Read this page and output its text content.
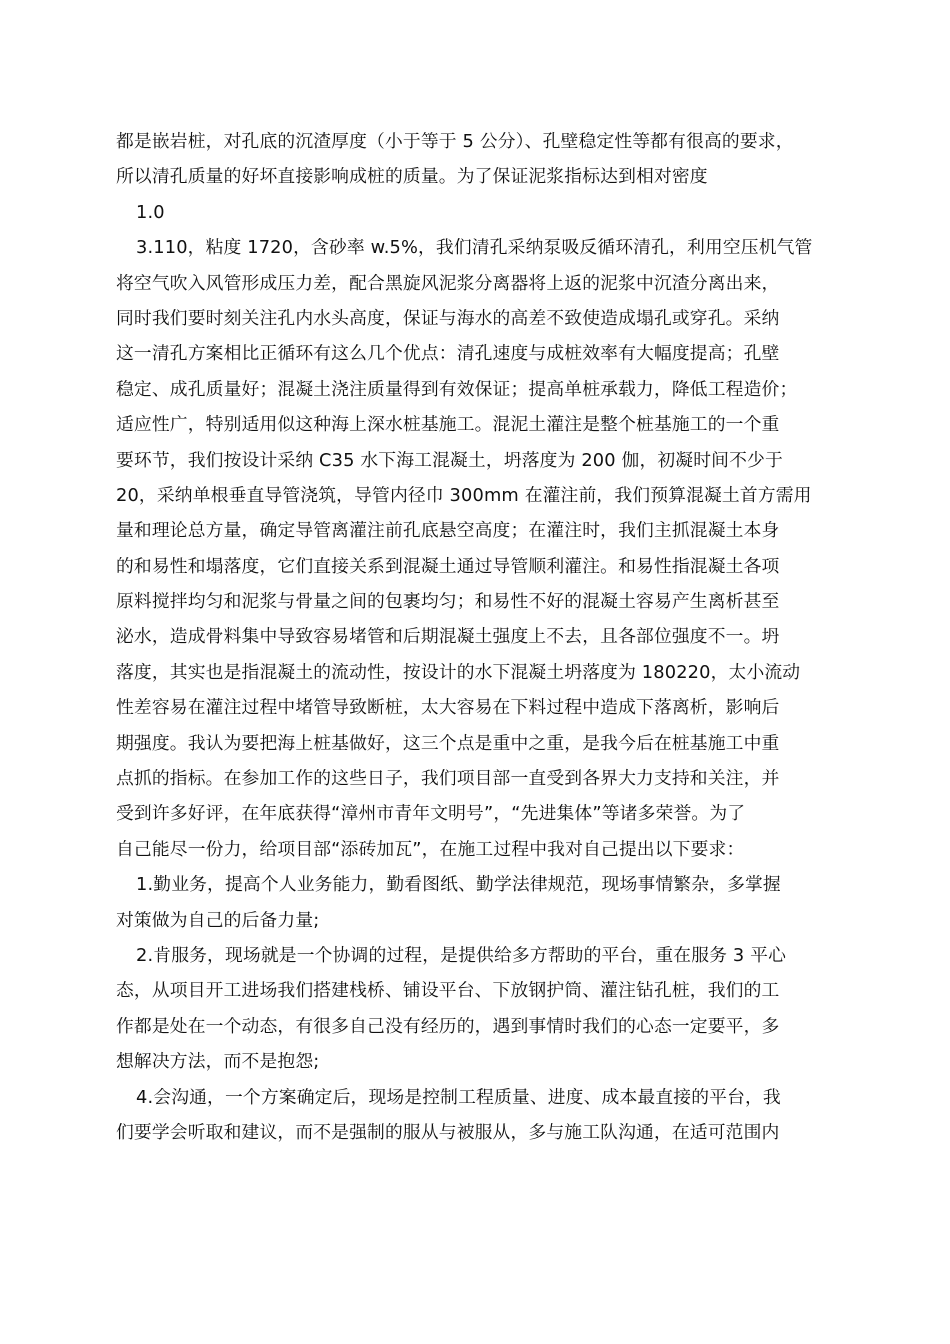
都是嵌岩桩，对孔底的沉渣厚度（小于等于 5 公分）、孔壁稳定性等都有很高的要求，
所以清孔质量的好坏直接影响成桩的质量。为了保证泥浆指标达到相对密度
1.0
3.110，粘度 1720，含砂率 w.5%，我们清孔采纳泵吸反循环清孔，利用空压机气管
将空气吹入风管形成压力差，配合黑旋风泥浆分离器将上返的泥浆中沉渣分离出来，
同时我们要时刻关注孔内水头高度，保证与海水的高差不致使造成塌孔或穿孔。采纳
这一清孔方案相比正循环有这么几个优点：清孔速度与成桩效率有大幅度提高；孔壁
稳定、成孔质量好；混凝土浇注质量得到有效保证；提高单桩承载力，降低工程造价；
适应性广，特别适用似这种海上深水桩基施工。混泥土灌注是整个桩基施工的一个重
要环节，我们按设计采纳 C35 水下海工混凝土，坍落度为 200 伽，初凝时间不少于
20，采纳单根垂直导管浇筑，导管内径巾 300mm 在灌注前，我们预算混凝土首方需用
量和理论总方量，确定导管离灌注前孔底悬空高度；在灌注时，我们主抓混凝土本身
的和易性和塌落度，它们直接关系到混凝土通过导管顺利灌注。和易性指混凝土各项
原料搅拌均匀和泥浆与骨量之间的包裹均匀；和易性不好的混凝土容易产生离析甚至
泌水，造成骨料集中导致容易堵管和后期混凝土强度上不去，且各部位强度不一。坍
落度，其实也是指混凝土的流动性，按设计的水下混凝土坍落度为 180220，太小流动
性差容易在灌注过程中堵管导致断桩，太大容易在下料过程中造成下落离析，影响后
期强度。我认为要把海上桩基做好，这三个点是重中之重，是我今后在桩基施工中重
点抓的指标。在参加工作的这些日子，我们项目部一直受到各界大力支持和关注，并
受到许多好评，在年底获得“漳州市青年文明号”，“先进集体”等诸多荣誉。为了
自己能尽一份力，给项目部“添砖加瓦”，在施工过程中我对自己提出以下要求：
1.勤业务，提高个人业务能力，勤看图纸、勤学法律规范，现场事情繁杂，多掌握
对策做为自己的后备力量;
2.肯服务，现场就是一个协调的过程，是提供给多方帮助的平台，重在服务 3 平心
态，从项目开工进场我们搭建栈桥、铺设平台、下放钢护筒、灌注钻孔桩，我们的工
作都是处在一个动态，有很多自己没有经历的，遇到事情时我们的心态一定要平，多
想解决方法，而不是抱怨;
4.会沟通，一个方案确定后，现场是控制工程质量、进度、成本最直接的平台，我
们要学会听取和建议，而不是强制的服从与被服从，多与施工队沟通，在适可范围内
